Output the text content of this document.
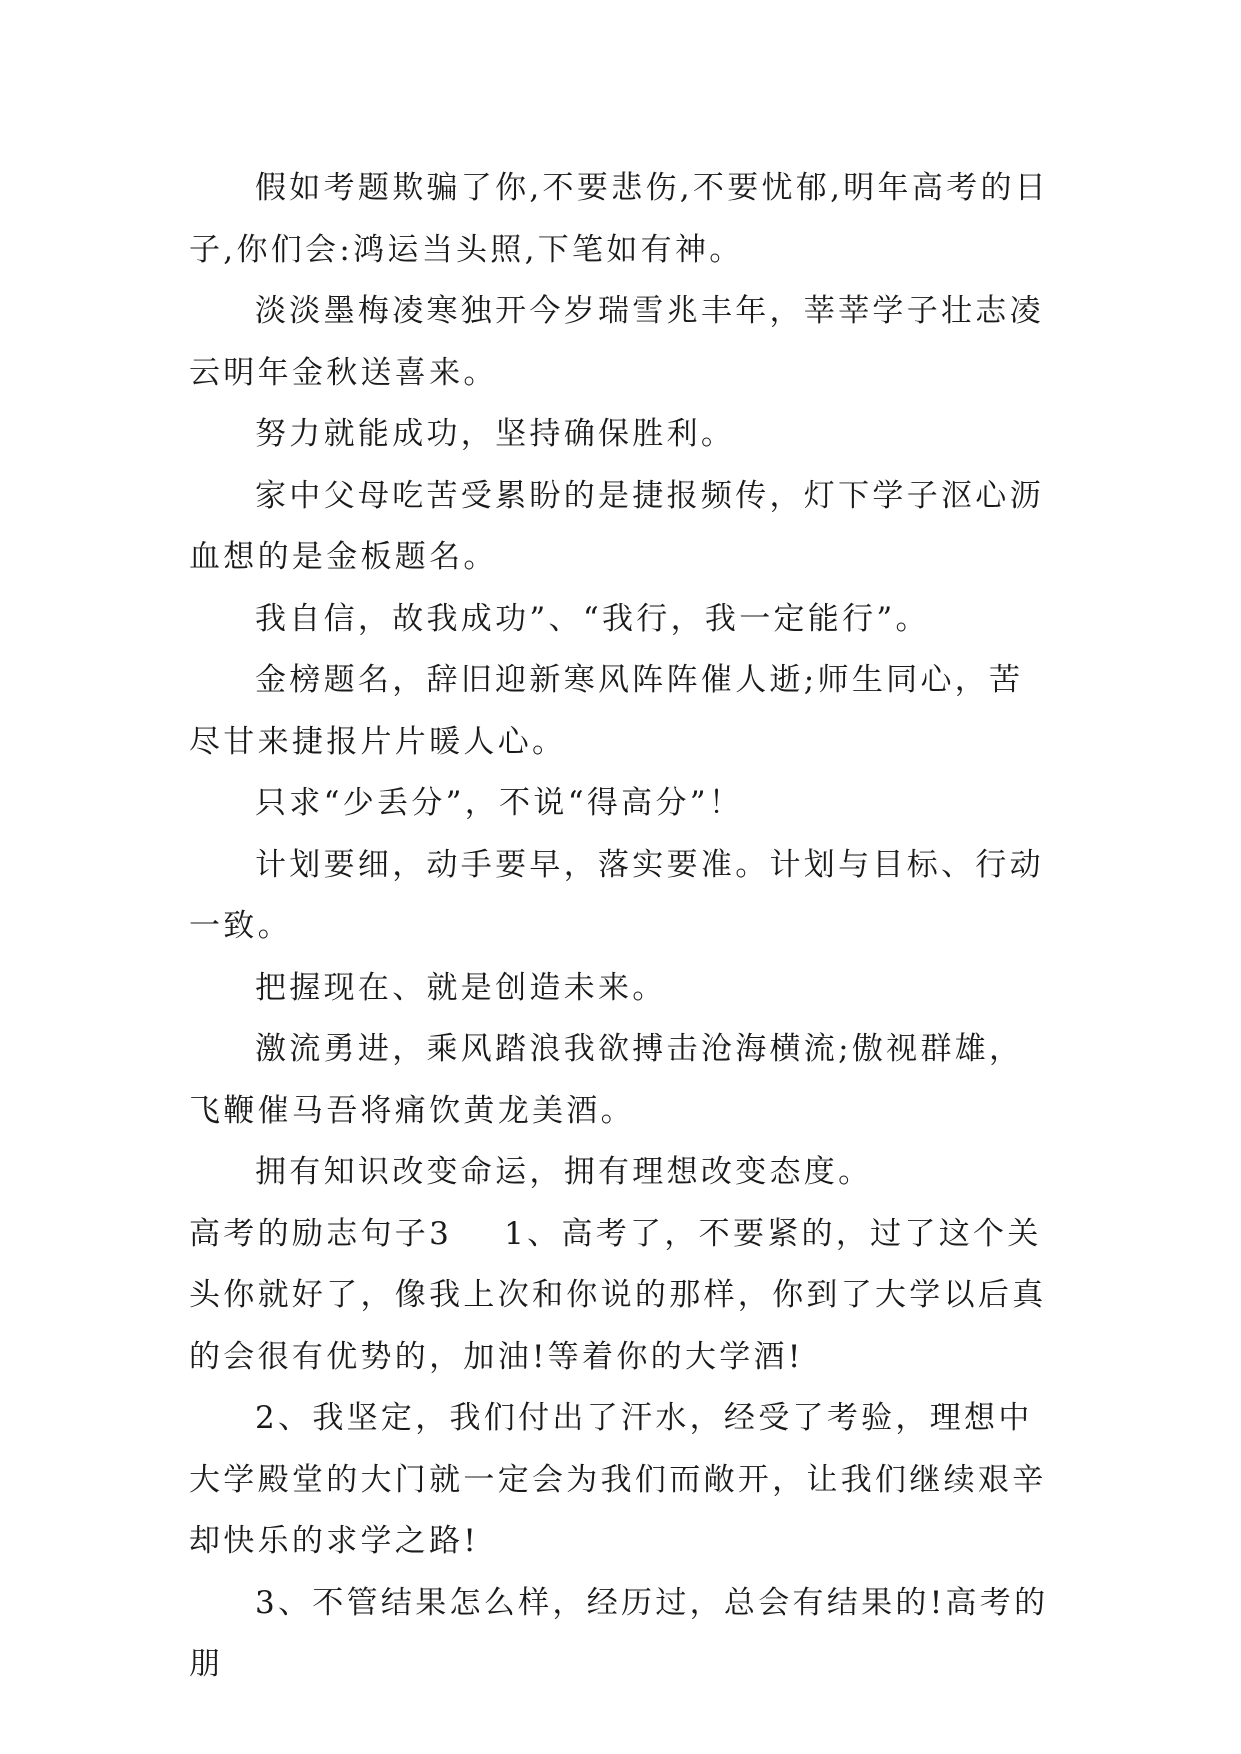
假如考题欺骗了你,不要悲伤,不要忧郁,明年高考的日子,你们会:鸿运当头照,下笔如有神。

淡淡墨梅凌寒独开今岁瑞雪兆丰年，莘莘学子壮志凌云明年金秋送喜来。

努力就能成功，坚持确保胜利。

家中父母吃苦受累盼的是捷报频传，灯下学子沤心沥血想的是金板题名。

我自信，故我成功”、“我行，我一定能行”。

金榜题名，辞旧迎新寒风阵阵催人逝;师生同心，苦尽甘来捷报片片暖人心。

只求“少丢分”，不说“得高分”！

计划要细，动手要早，落实要准。计划与目标、行动一致。

把握现在、就是创造未来。

激流勇进，乘风踏浪我欲搏击沧海横流;傲视群雄，飞鞭催马吾将痛饮黄龙美酒。

拥有知识改变命运，拥有理想改变态度。

高考的励志句子3 1、高考了，不要紧的，过了这个关头你就好了，像我上次和你说的那样，你到了大学以后真的会很有优势的，加油!等着你的大学酒!

2、我坚定，我们付出了汗水，经受了考验，理想中大学殿堂的大门就一定会为我们而敞开，让我们继续艰辛却快乐的求学之路!

3、不管结果怎么样，经历过，总会有结果的!高考的朋
